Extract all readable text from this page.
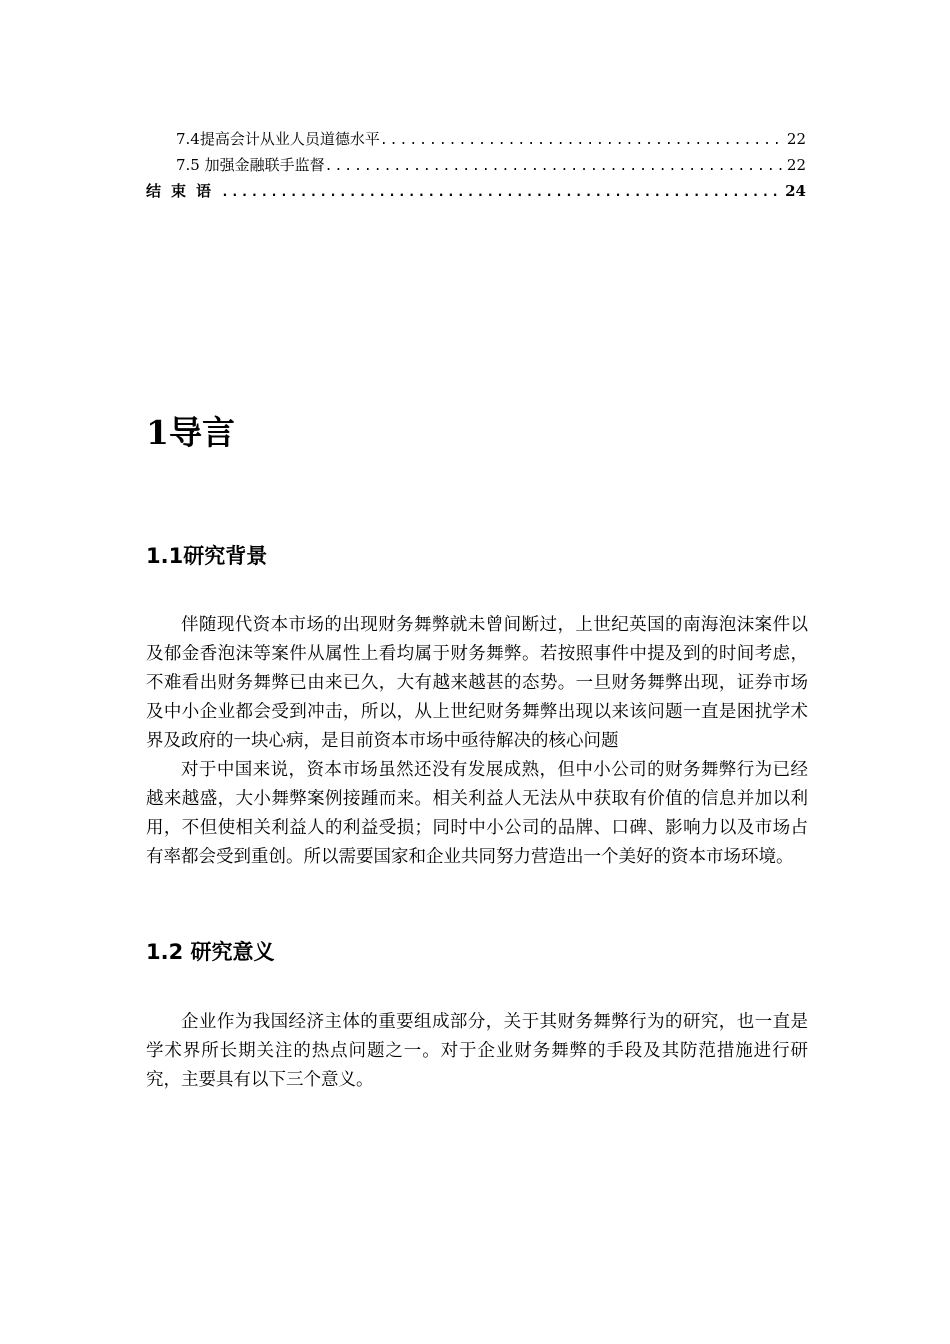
7.4提高会计从业人员道德水平 .....	22
7.5 加强金融联手监督 .....	22
结束语 .....	24
1导言
1.1研究背景

伴随现代资本市场的出现财务舞弊就未曾间断过，上世纪英国的南海泡沫案件以及郁金香泡沫等案件从属性上看均属于财务舞弊。若按照事件中提及到的时间考虑，不难看出财务舞弊已由来已久，大有越来越甚的态势。一旦财务舞弊出现，证券市场及中小企业都会受到冲击，所以，从上世纪财务舞弊出现以来该问题一直是困扰学术界及政府的一块心病，是目前资本市场中亟待解决的核心问题

对于中国来说，资本市场虽然还没有发展成熟，但中小公司的财务舞弊行为已经越来越盛，大小舞弊案例接踵而来。相关利益人无法从中获取有价值的信息并加以利用，不但使相关利益人的利益受损；同时中小公司的品牌、口碑、影响力以及市场占有率都会受到重创。所以需要国家和企业共同努力营造出一个美好的资本市场环境。

1.2 研究意义

企业作为我国经济主体的重要组成部分，关于其财务舞弊行为的研究，也一直是学术界所长期关注的热点问题之一。对于企业财务舞弊的手段及其防范措施进行研究，主要具有以下三个意义。
